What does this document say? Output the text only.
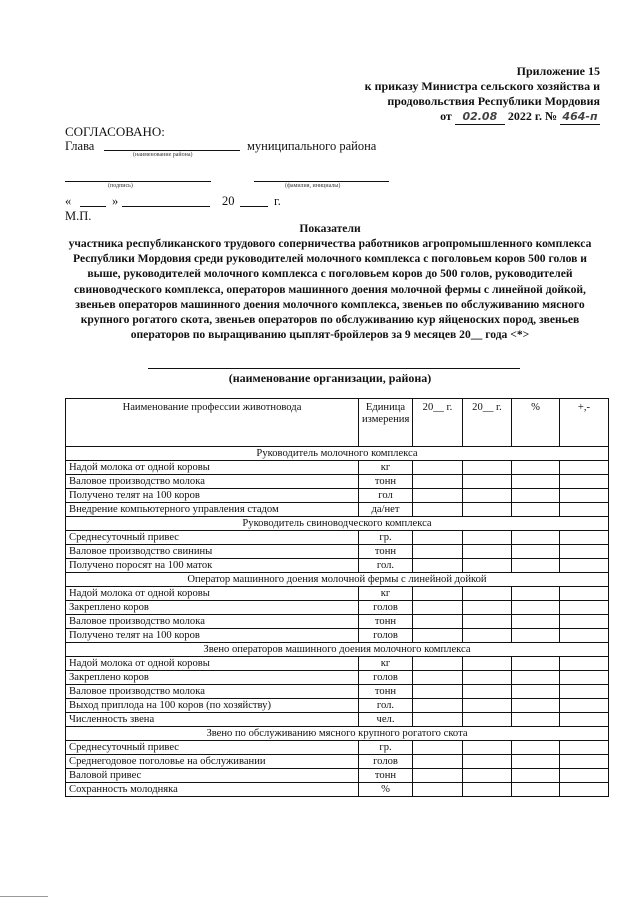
Приложение 15
к приказу Министра сельского хозяйства и
продовольствия Республики Мордовия
от 02.08 2022 г. № 464-п
СОГЛАСОВАНО:
Глава	муниципального района
(наименование района)
(подпись)	(фамилия, инициалы)
«	»	20	г.
М.П.
Показатели
участника республиканского трудового соперничества работников агропромышленного комплекса Республики Мордовия среди руководителей молочного комплекса с поголовьем коров 500 голов и выше, руководителей молочного комплекса с поголовьем коров до 500 голов, руководителей свиноводческого комплекса, операторов машинного доения молочной фермы с линейной дойкой, звеньев операторов машинного доения молочного комплекса, звеньев по обслуживанию мясного крупного рогатого скота, звеньев операторов по обслуживанию кур яйценоских пород, звеньев операторов по выращиванию цыплят-бройлеров за 9 месяцев 20__ года <*>
(наименование организации, района)
Наименование профессии животновода	Единица измерения	20__ г.	20__ г.	%	+,-
Руководитель молочного комплекса					
Надой молока от одной коровы	кг				
Валовое производство молока	тонн				
Получено телят на 100 коров	гол				
Внедрение компьютерного управления стадом	да/нет				
Руководитель свиноводческого комплекса					
Среднесуточный привес	гр.				
Валовое производство свинины	тонн				
Получено поросят на 100 маток	гол.				
Оператор машинного доения молочной фермы с линейной дойкой					
Надой молока от одной коровы	кг				
Закреплено коров	голов				
Валовое производство молока	тонн				
Получено телят на 100 коров	голов				
Звено операторов машинного доения молочного комплекса					
Надой молока от одной коровы	кг				
Закреплено коров	голов				
Валовое производство молока	тонн				
Выход приплода на 100 коров (по хозяйству)	гол.				
Численность звена	чел.				
Звено по обслуживанию мясного крупного рогатого скота					
Среднесуточный привес	гр.				
Среднегодовое поголовье на обслуживании	голов				
Валовой привес	тонн				
Сохранность молодняка	%				
